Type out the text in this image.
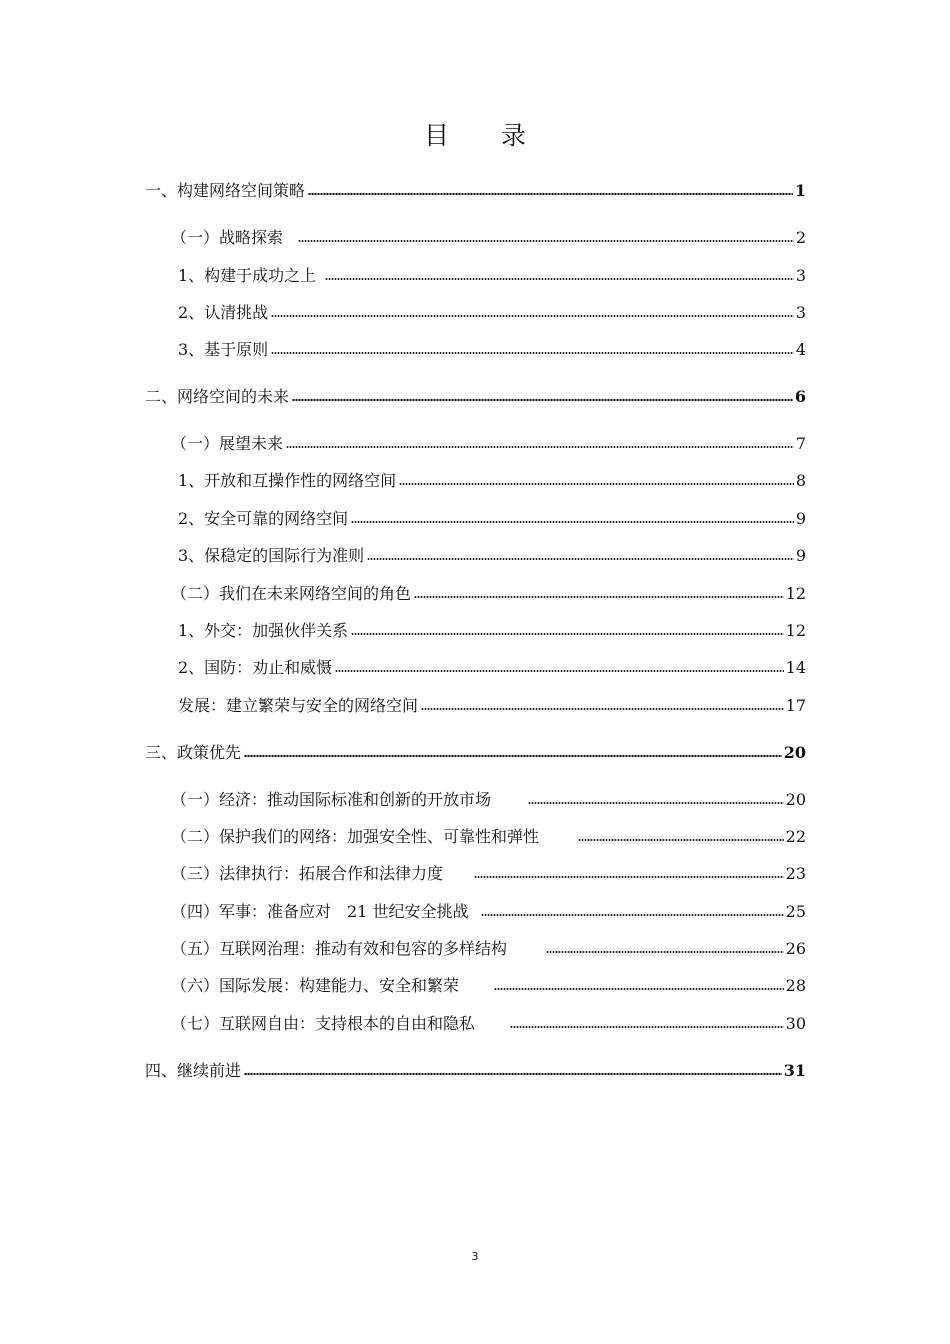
目 录
一、构建网络空间策略	1
（一）战略探索	2
1、构建于成功之上	3
2、认清挑战	3
3、基于原则	4
二、网络空间的未来	6
（一）展望未来	7
1、开放和互操作性的网络空间	8
2、安全可靠的网络空间	9
3、保稳定的国际行为准则	9
（二）我们在未来网络空间的角色	12
1、外交：加强伙伴关系	12
2、国防：劝止和威慑	14
发展：建立繁荣与安全的网络空间	17
三、政策优先	20
（一）经济：推动国际标准和创新的开放市场	20
（二）保护我们的网络：加强安全性、可靠性和弹性	22
（三）法律执行：拓展合作和法律力度	23
（四）军事：准备应对　21 世纪安全挑战	25
（五）互联网治理：推动有效和包容的多样结构	26
（六）国际发展：构建能力、安全和繁荣	28
（七）互联网自由：支持根本的自由和隐私	30
四、继续前进	31
3
